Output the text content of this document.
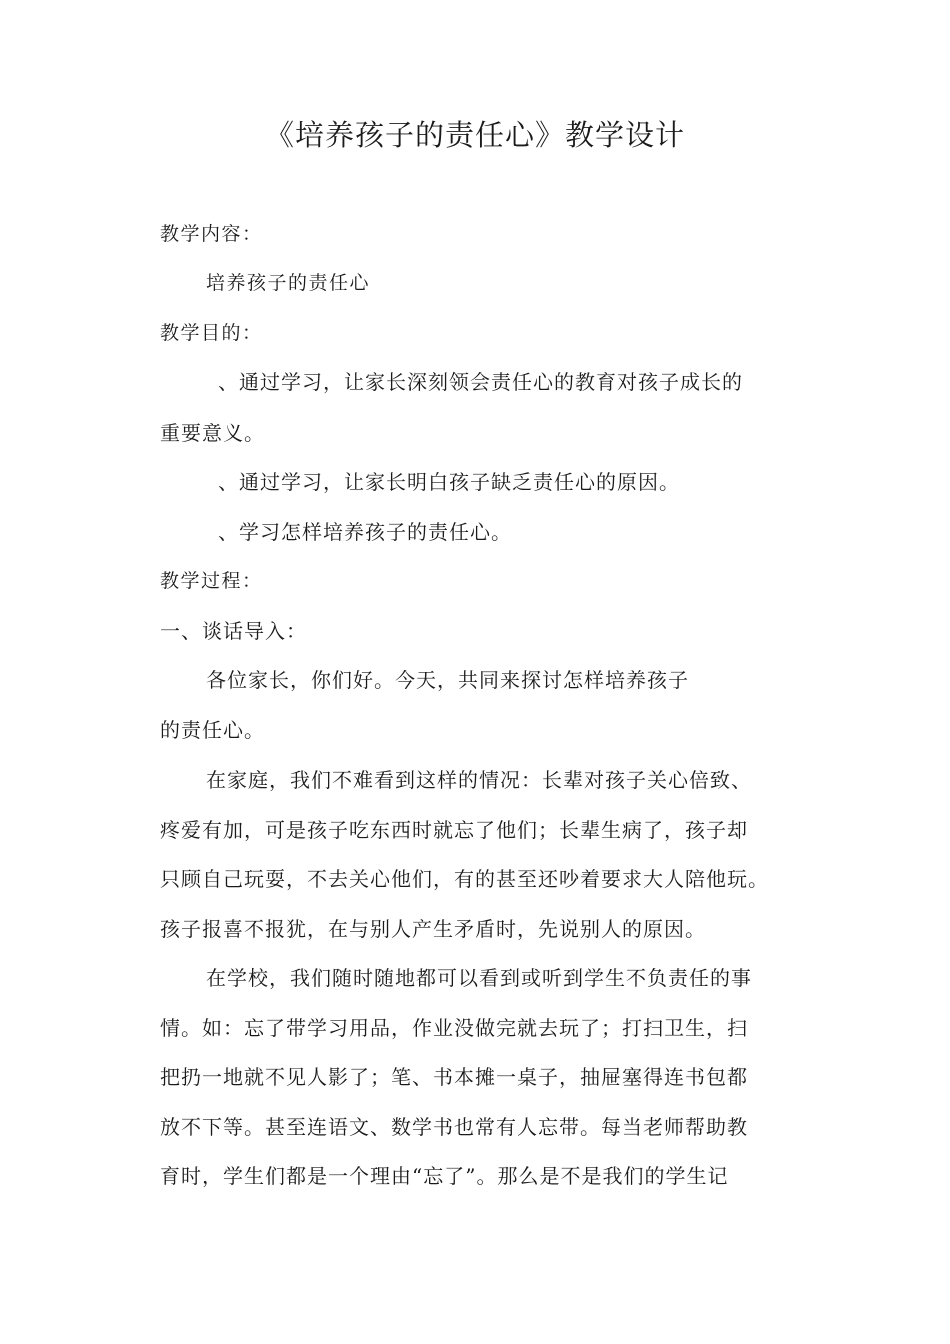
《培养孩子的责任心》教学设计

教学内容：

培养孩子的责任心

教学目的：

、通过学习，让家长深刻领会责任心的教育对孩子成长的

重要意义。

、通过学习，让家长明白孩子缺乏责任心的原因。

、学习怎样培养孩子的责任心。

教学过程：

一、谈话导入：

各位家长，你们好。今天，共同来探讨怎样培养孩子

的责任心。

在家庭，我们不难看到这样的情况：长辈对孩子关心倍致、

疼爱有加，可是孩子吃东西时就忘了他们；长辈生病了，孩子却

只顾自己玩耍，不去关心他们，有的甚至还吵着要求大人陪他玩。

孩子报喜不报犹，在与别人产生矛盾时，先说别人的原因。

在学校，我们随时随地都可以看到或听到学生不负责任的事

情。如：忘了带学习用品，作业没做完就去玩了；打扫卫生，扫

把扔一地就不见人影了；笔、书本摊一桌子，抽屉塞得连书包都

放不下等。甚至连语文、数学书也常有人忘带。每当老师帮助教

育时，学生们都是一个理由“忘了”。那么是不是我们的学生记
